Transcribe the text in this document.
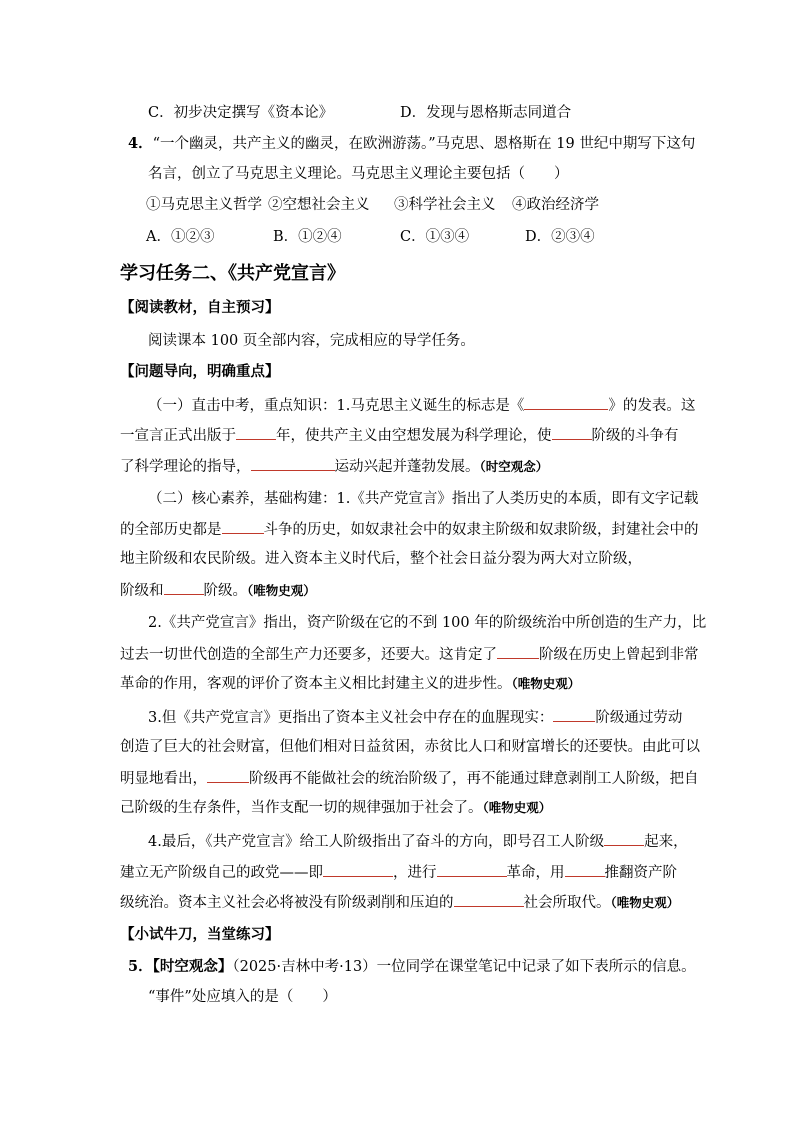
C．初步决定撰写《资本论》	D．发现与恩格斯志同道合
4．“一个幽灵，共产主义的幽灵，在欧洲游荡。”马克思、恩格斯在 19 世纪中期写下这句
名言，创立了马克思主义理论。马克思主义理论主要包括（　　）
①马克思主义哲学 ②空想社会主义 ③科学社会主义 ④政治经济学
A．①②③	B．①②④	C．①③④	D．②③④
学习任务二、《共产党宣言》
【阅读教材，自主预习】
阅读课本 100 页全部内容，完成相应的导学任务。
【问题导向，明确重点】
（一）直击中考，重点知识：1.马克思主义诞生的标志是《	》的发表。这
一宣言正式出版于	年，使共产主义由空想发展为科学理论，使	阶级的斗争有
了科学理论的指导，	运动兴起并蓬勃发展。（时空观念）
（二）核心素养，基础构建：1.《共产党宣言》指出了人类历史的本质，即有文字记载
的全部历史都是	斗争的历史，如奴隶社会中的奴隶主阶级和奴隶阶级，封建社会中的
地主阶级和农民阶级。进入资本主义时代后，整个社会日益分裂为两大对立阶级，
阶级和	阶级。（唯物史观）
2.《共产党宣言》指出，资产阶级在它的不到 100 年的阶级统治中所创造的生产力，比
过去一切世代创造的全部生产力还要多，还要大。这肯定了	阶级在历史上曾起到非常
革命的作用，客观的评价了资本主义相比封建主义的进步性。（唯物史观）
3.但《共产党宣言》更指出了资本主义社会中存在的血腥现实：	阶级通过劳动
创造了巨大的社会财富，但他们相对日益贫困，赤贫比人口和财富增长的还要快。由此可以
明显地看出，	阶级再不能做社会的统治阶级了，再不能通过肆意剥削工人阶级，把自
己阶级的生存条件，当作支配一切的规律强加于社会了。（唯物史观）
4.最后，《共产党宣言》给工人阶级指出了奋斗的方向，即号召工人阶级	起来，
建立无产阶级自己的政党——即	，进行	革命，用	推翻资产阶
级统治。资本主义社会必将被没有阶级剥削和压迫的	社会所取代。（唯物史观）
【小试牛刀，当堂练习】
5．【时空观念】（2025·吉林中考·13）一位同学在课堂笔记中记录了如下表所示的信息。
“事件”处应填入的是（　　）
